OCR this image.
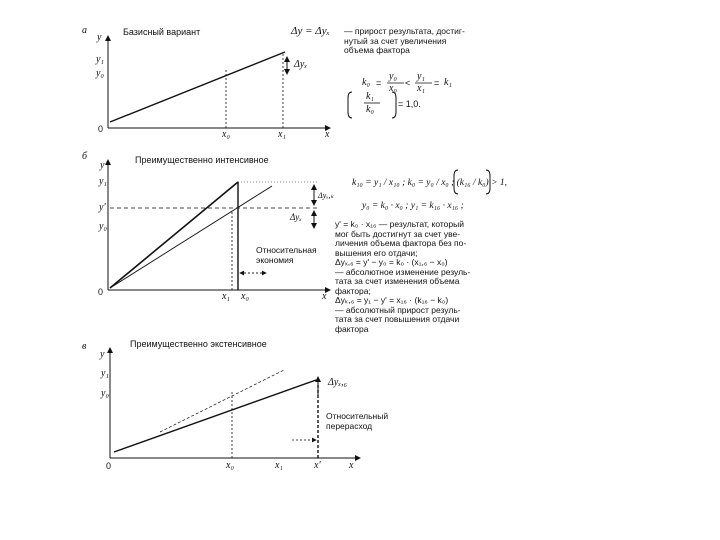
а	Базисный вариант
y
y₁
y₀
0	x₀	x₁	x
Δyₓ
Δy = Δyₓ — прирост результата, достиг-
нутый за счет увеличения
объема фактора
k₀ =
y₀
x₀ <
y₁
x₁ = k₁
k₁
k₀	= 1,0.
б	Преимущественно интенсивное
y
y₁
y'
y₀
0	x₁ x₀	x
Δyₓ,ₖ
Δyₓ
Относительная
экономия
k₁₀ = y₁ / x₁₀ ; k₀ = y₀ / x₀ ; (k₁₆ / k₀) > 1,
y₀ = k₀ · x₀ ; y₁ = k₁₆ · x₁₆ ;
y' = k₀ · x₁₆ — результат, который
мог быть достигнут за счет уве-
личения объема фактора без по-
вышения его отдачи;
Δyₓ,₆ = y' − y₀ = k₀ · (x₁,₆ − x₀)
— абсолютное изменение резуль-
тата за счет изменения объема
фактора;
Δyₖ,₆ = y₁ − y' = x₁₆ · (k₁₆ − k₀)
— абсолютный прирост резуль-
тата за счет повышения отдачи
фактора
в	Преимущественно экстенсивное
y
y₁
y₀
0	x₀	x₁	x'	x
Δyₓ,₆
Относительный
перерасход
